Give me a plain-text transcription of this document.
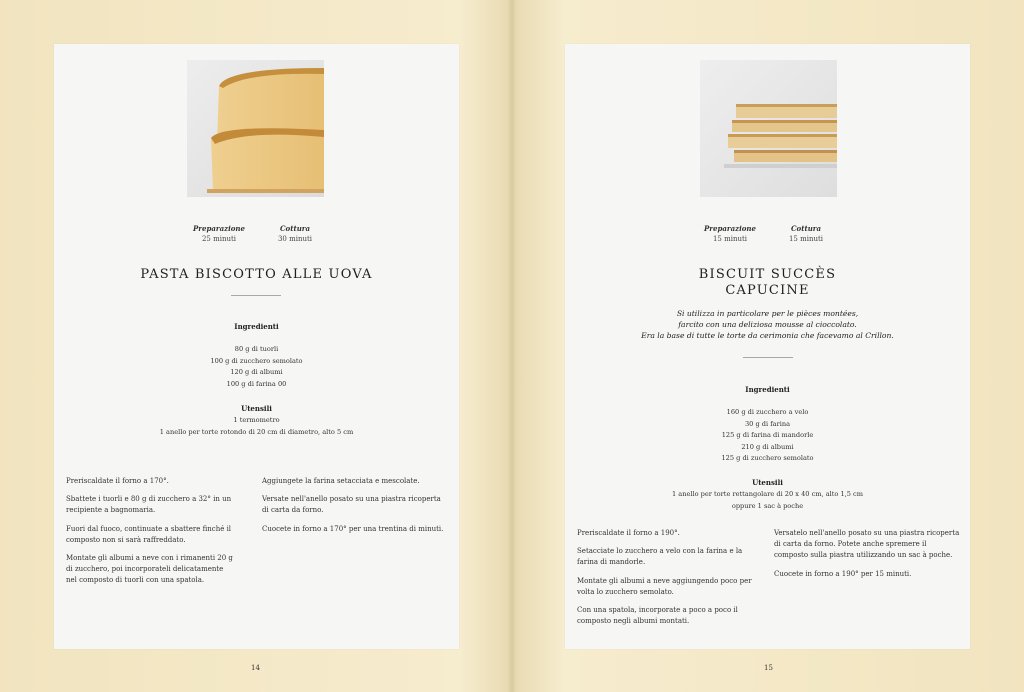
Preparazione
25 minuti
Cottura
30 minuti
PASTA BISCOTTO ALLE UOVA
Ingredienti
80 g di tuorli
100 g di zucchero semolato
120 g di albumi
100 g di farina 00
Utensili
1 termometro
1 anello per torte rotondo di 20 cm di diametro, alto 5 cm

Preriscaldate il forno a 170°.

Sbattete i tuorli e 80 g di zucchero a 32° in un recipiente a bagnomaria.

Fuori dal fuoco, continuate a sbattere finché il composto non si sarà raffreddato.

Montate gli albumi a neve con i rimanenti 20 g di zucchero, poi incorporateli delicatamente nel composto di tuorli con una spatola.

Aggiungete la farina setacciata e mescolate.

Versate nell'anello posato su una piastra ricoperta di carta da forno.

Cuocete in forno a 170° per una trentina di minuti.

14
Preparazione
15 minuti
Cottura
15 minuti
BISCUIT SUCCÈS
CAPUCINE
Si utilizza in particolare per le pièces montées,
farcito con una deliziosa mousse al cioccolato.
Era la base di tutte le torte da cerimonia che facevamo al Crillon.
Ingredienti
160 g di zucchero a velo
30 g di farina
125 g di farina di mandorle
210 g di albumi
125 g di zucchero semolato
Utensili
1 anello per torte rettangolare di 20 x 40 cm, alto 1,5 cm
oppure 1 sac à poche

Preriscaldate il forno a 190°.

Setacciate lo zucchero a velo con la farina e la farina di mandorle.

Montate gli albumi a neve aggiungendo poco per volta lo zucchero semolato.

Con una spatola, incorporate a poco a poco il composto negli albumi montati.

Versatelo nell'anello posato su una piastra ricoperta di carta da forno. Potete anche spremere il composto sulla piastra utilizzando un sac à poche.

Cuocete in forno a 190° per 15 minuti.

15
